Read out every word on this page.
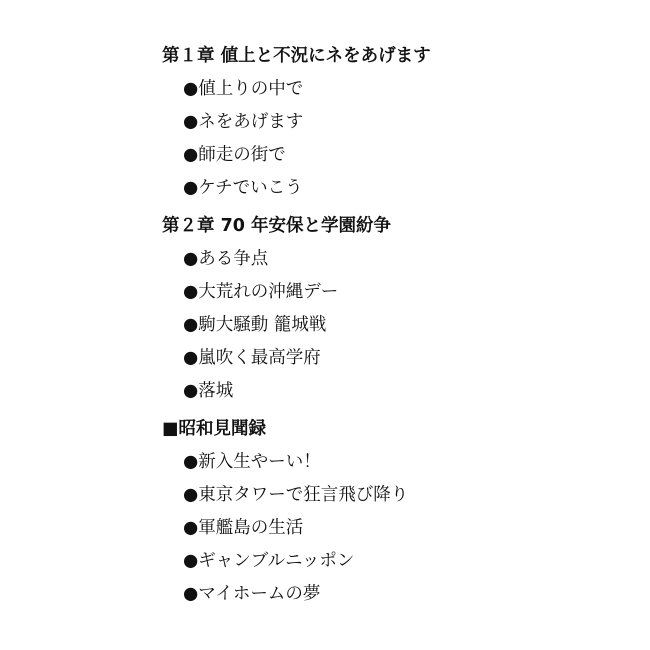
第１章 値上と不況にネをあげます
●値上りの中で
●ネをあげます
●師走の街で
●ケチでいこう
第２章 70 年安保と学園紛争
●ある争点
●大荒れの沖縄デー
●駒大騒動 籠城戦
●嵐吹く最高学府
●落城
■昭和見聞録
●新入生やーい！
●東京タワーで狂言飛び降り
●軍艦島の生活
●ギャンブルニッポン
●マイホームの夢
